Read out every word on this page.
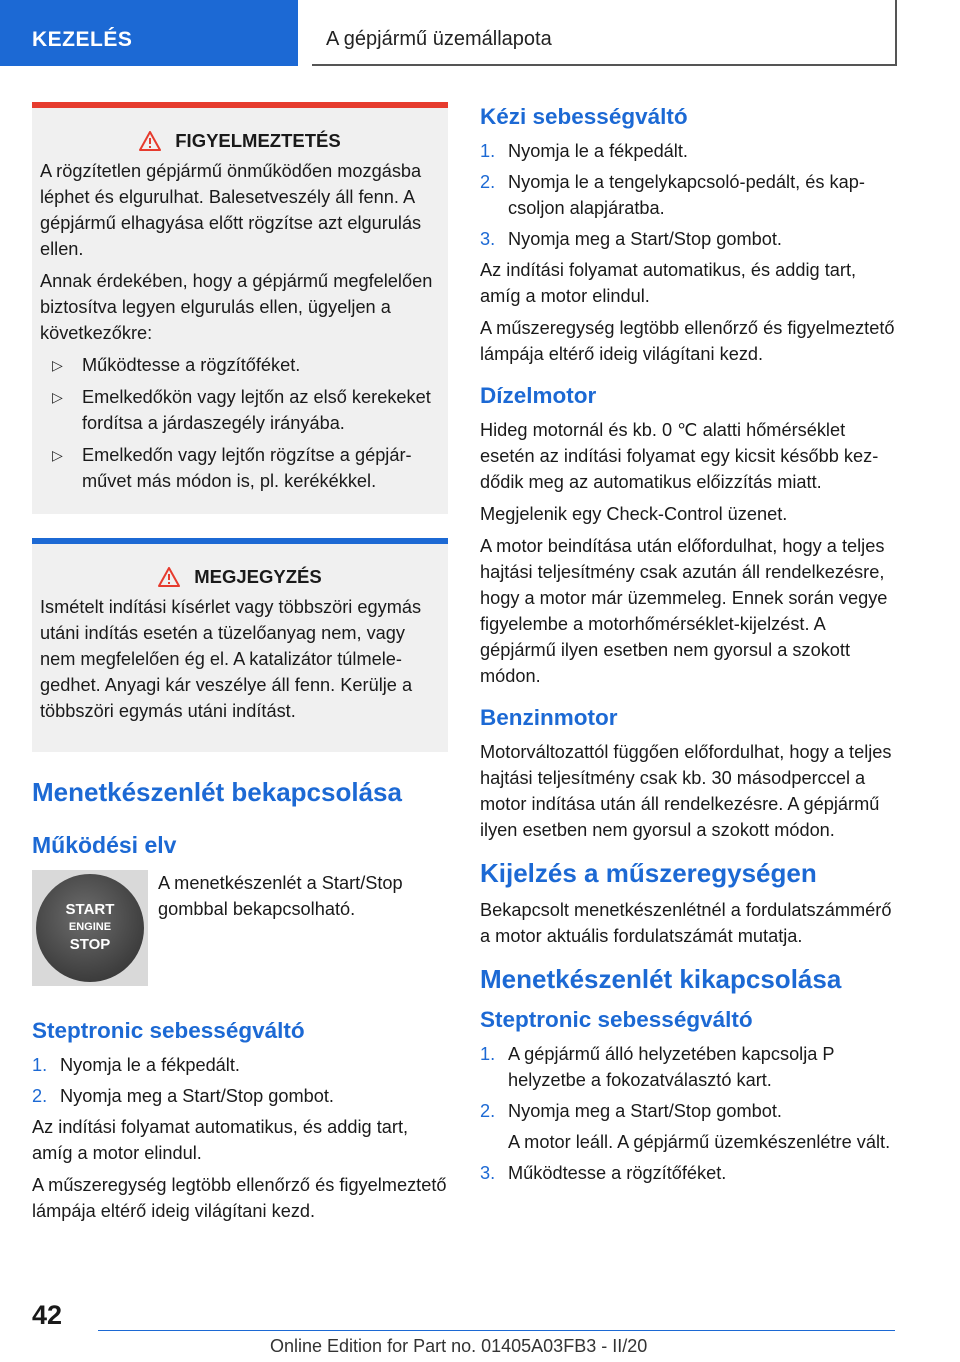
KEZELÉS	A gépjármű üzemállapota
FIGYELMEZTETÉS

A rögzítetlen gépjármű önműködően mozgásba léphet és elgurulhat. Balesetveszély áll fenn. A gépjármű elhagyása előtt rögzítse azt elgurulás ellen.

Annak érdekében, hogy a gépjármű megfelelően biztosítva legyen elgurulás ellen, ügyeljen a következőkre:

▷ Működtesse a rögzítőféket.
▷ Emelkedőkön vagy lejtőn az első kerekeket fordítsa a járdaszegély irányába.
▷ Emelkedőn vagy lejtőn rögzítse a gépjárművet más módon is, pl. kerékékkel.
MEGJEGYZÉS

Ismételt indítási kísérlet vagy többszöri egymás utáni indítás esetén a tüzelőanyag nem, vagy nem megfelelően ég el. A katalizátor túlmelegedhet. Anyagi kár veszélye áll fenn. Kerülje a többszöri egymás utáni indítást.

Menetkészenlét bekapcsolása
Működési elv
START
ENGINE
STOP
A menetkészenlét a Start/Stop gombbal bekapcsolható.
Steptronic sebességváltó
1. Nyomja le a fékpedált.
2. Nyomja meg a Start/Stop gombot.

Az indítási folyamat automatikus, és addig tart, amíg a motor elindul.

A műszeregység legtöbb ellenőrző és figyelmeztető lámpája eltérő ideig világítani kezd.

Kézi sebességváltó
1. Nyomja le a fékpedált.
2. Nyomja le a tengelykapcsoló-pedált, és kapcsoljon alapjáratba.
3. Nyomja meg a Start/Stop gombot.

Az indítási folyamat automatikus, és addig tart, amíg a motor elindul.

A műszeregység legtöbb ellenőrző és figyelmeztető lámpája eltérő ideig világítani kezd.

Dízelmotor

Hideg motornál és kb. 0 ℃ alatti hőmérséklet esetén az indítási folyamat egy kicsit később kezdődik meg az automatikus előizzítás miatt.

Megjelenik egy Check-Control üzenet.

A motor beindítása után előfordulhat, hogy a teljes hajtási teljesítmény csak azután áll rendelkezésre, hogy a motor már üzemmeleg. Ennek során vegye figyelembe a motorhőmérséklet-kijelzést. A gépjármű ilyen esetben nem gyorsul a szokott módon.

Benzinmotor

Motorváltozattól függően előfordulhat, hogy a teljes hajtási teljesítmény csak kb. 30 másodperccel a motor indítása után áll rendelkezésre. A gépjármű ilyen esetben nem gyorsul a szokott módon.

Kijelzés a műszeregységen

Bekapcsolt menetkészenlétnél a fordulatszámmérő a motor aktuális fordulatszámát mutatja.

Menetkészenlét kikapcsolása
Steptronic sebességváltó
1. A gépjármű álló helyzetében kapcsolja P helyzetbe a fokozatválasztó kart.
2. Nyomja meg a Start/Stop gombot.
A motor leáll. A gépjármű üzemkészenlétre vált.
3. Működtesse a rögzítőféket.
42
Online Edition for Part no. 01405A03FB3 - II/20
